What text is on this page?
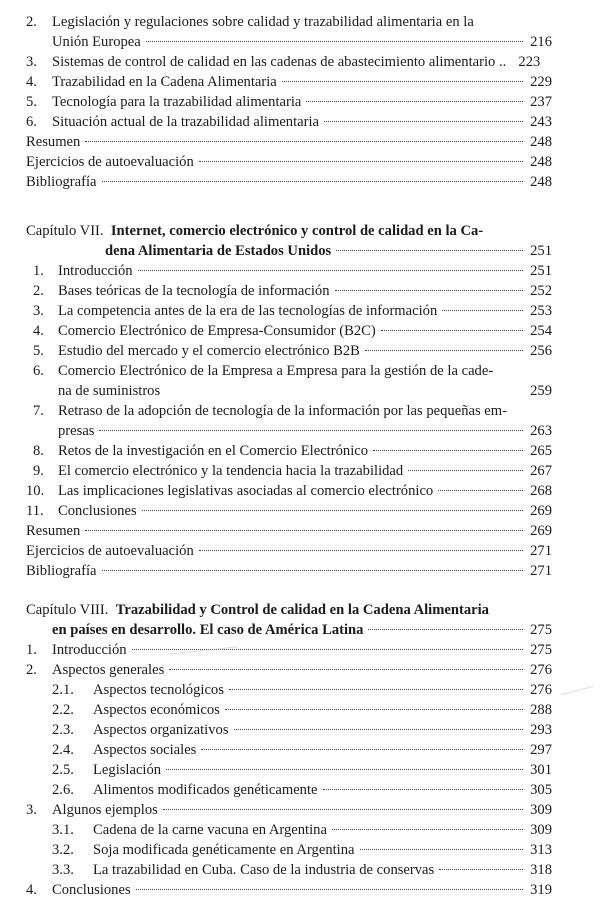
2. Legislación y regulaciones sobre calidad y trazabilidad alimentaria en la
Unión Europea	216
3. Sistemas de control de calidad en las cadenas de abastecimiento alimentario .. 223
4. Trazabilidad en la Cadena Alimentaria	229
5. Tecnología para la trazabilidad alimentaria	237
6. Situación actual de la trazabilidad alimentaria	243
Resumen	248
Ejercicios de autoevaluación	248
Bibliografía	248
Capítulo VII. Internet, comercio electrónico y control de calidad en la Ca-
dena Alimentaria de Estados Unidos	251
1. Introducción	251
2. Bases teóricas de la tecnología de información	252
3. La competencia antes de la era de las tecnologías de información	253
4. Comercio Electrónico de Empresa-Consumidor (B2C)	254
5. Estudio del mercado y el comercio electrónico B2B	256
6. Comercio Electrónico de la Empresa a Empresa para la gestión de la cade-
na de suministros	259
7. Retraso de la adopción de tecnología de la información por las pequeñas em-
presas	263
8. Retos de la investigación en el Comercio Electrónico	265
9. El comercio electrónico y la tendencia hacia la trazabilidad	267
10. Las implicaciones legislativas asociadas al comercio electrónico	268
11. Conclusiones	269
Resumen	269
Ejercicios de autoevaluación	271
Bibliografía	271
Capítulo VIII. Trazabilidad y Control de calidad en la Cadena Alimentaria
en países en desarrollo. El caso de América Latina	275
1. Introducción	275
2. Aspectos generales	276
2.1. Aspectos tecnológicos	276
2.2. Aspectos económicos	288
2.3. Aspectos organizativos	293
2.4. Aspectos sociales	297
2.5. Legislación	301
2.6. Alimentos modificados genéticamente	305
3. Algunos ejemplos	309
3.1. Cadena de la carne vacuna en Argentina	309
3.2. Soja modificada genéticamente en Argentina	313
3.3. La trazabilidad en Cuba. Caso de la industria de conservas	318
4. Conclusiones	319
